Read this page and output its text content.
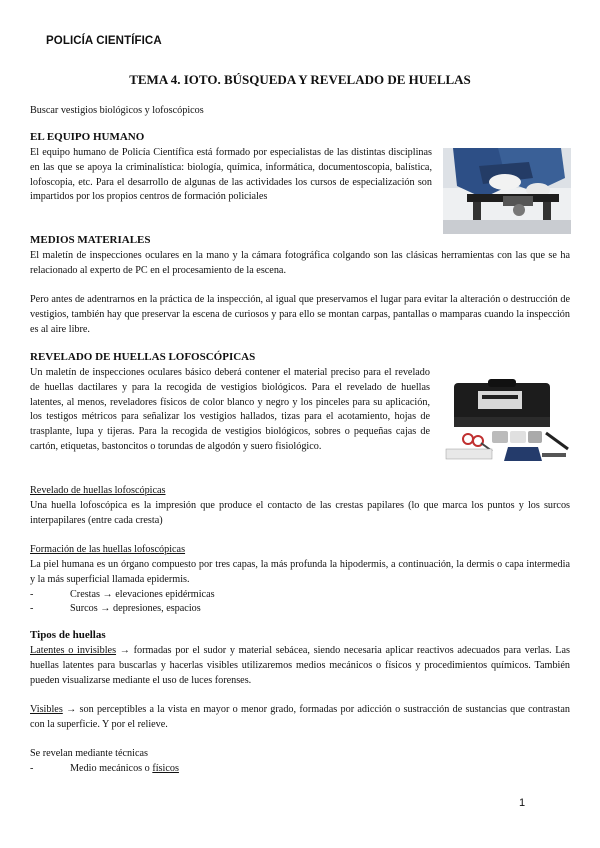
POLICÍA CIENTÍFICA
TEMA 4. IOTO. BÚSQUEDA Y REVELADO DE HUELLAS

Buscar vestigios biológicos y lofoscópicos

EL EQUIPO HUMANO

El equipo humano de Policía Científica está formado por especialistas de las distintas disciplinas en las que se apoya la criminalística: biología, química, informática, documentoscopia, balística, lofoscopia, etc. Para el desarrollo de algunas de las actividades los cursos de especialización son impartidos por los propios centros de formación policiales

MEDIOS MATERIALES

El maletín de inspecciones oculares en la mano y la cámara fotográfica colgando son las clásicas herramientas con las que se ha relacionado al experto de PC en el procesamiento de la escena.

Pero antes de adentrarnos en la práctica de la inspección, al igual que preservamos el lugar para evitar la alteración o destrucción de vestigios, también hay que preservar la escena de curiosos y para ello se montan carpas, pantallas o mamparas cuando la inspección es al aire libre.

REVELADO DE HUELLAS LOFOSCÓPICAS

Un maletín de inspecciones oculares básico deberá contener el material preciso para el revelado de huellas dactilares y para la recogida de vestigios biológicos. Para el revelado de huellas latentes, al menos, reveladores físicos de color blanco y negro y los pinceles para su aplicación, los testigos métricos para señalizar los vestigios hallados, tizas para el acotamiento, hojas de trasplante, lupa y tijeras. Para la recogida de vestigios biológicos, sobres o pequeñas cajas de cartón, etiquetas, bastoncitos o torundas de algodón y suero fisiológico.

Revelado de huellas lofoscópicas

Una huella lofoscópica es la impresión que produce el contacto de las crestas papilares (lo que marca los puntos y los surcos interpapilares (entre cada cresta)

Formación de las huellas lofoscópicas

La piel humana es un órgano compuesto por tres capas, la más profunda la hipodermis, a continuación, la dermis o capa intermedia y la más superficial llamada epidermis.

-	Crestas → elevaciones epidérmicas
-	Surcos → depresiones, espacios
Tipos de huellas

Latentes o invisibles → formadas por el sudor y material sebácea, siendo necesaria aplicar reactivos adecuados para verlas. Las huellas latentes para buscarlas y hacerlas visibles utilizaremos medios mecánicos o físicos y procedimientos químicos. También pueden visualizarse mediante el uso de luces forenses.

Visibles → son perceptibles a la vista en mayor o menor grado, formadas por adicción o sustracción de sustancias que contrastan con la superficie. Y por el relieve.

Se revelan mediante técnicas
-	Medio mecánicos o físicos
1
